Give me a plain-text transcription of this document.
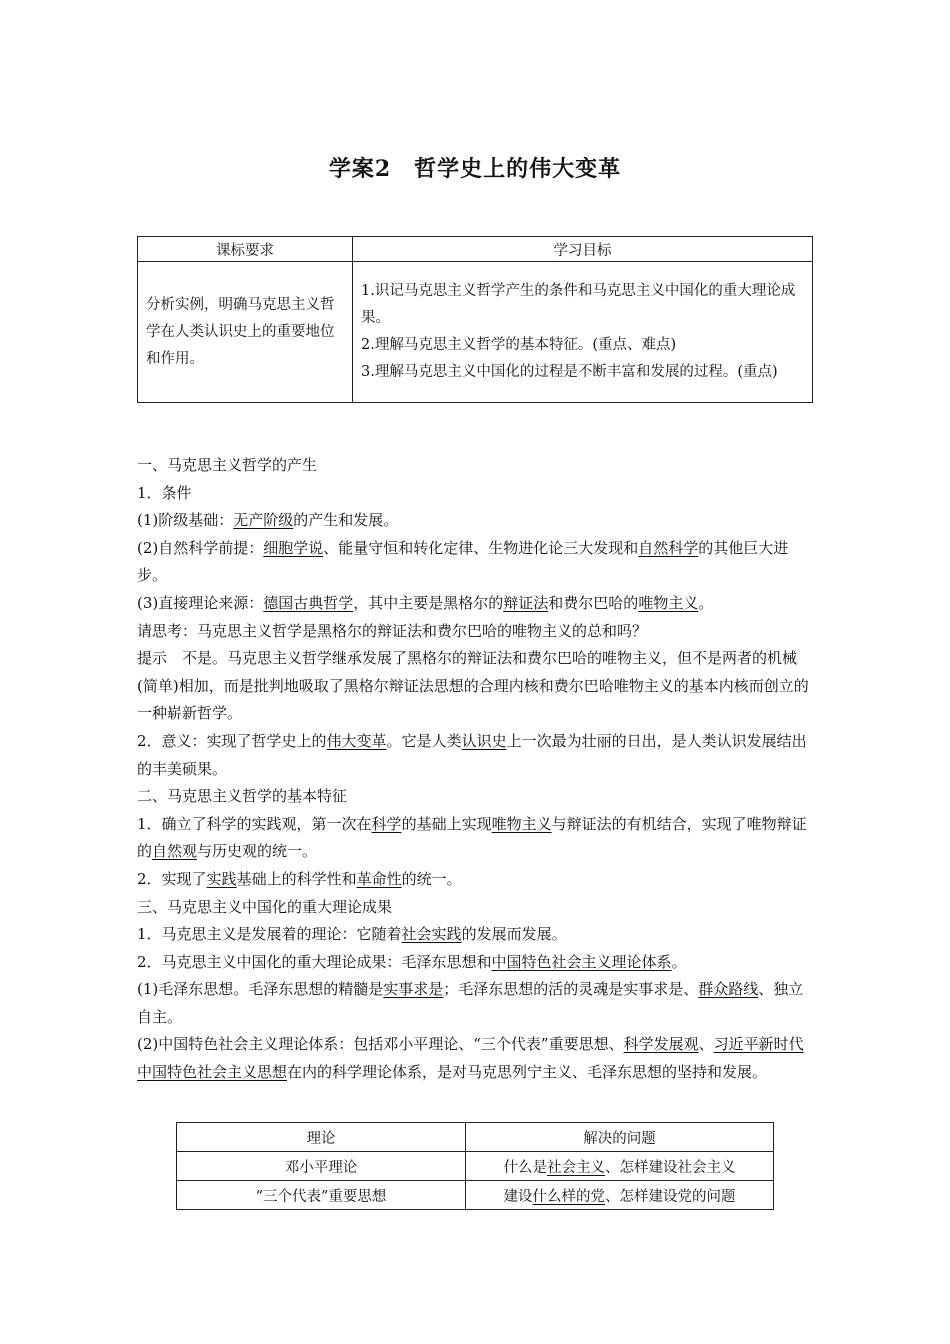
学案2　哲学史上的伟大变革
课标要求	学习目标
分析实例，明确马克思主义哲学在人类认识史上的重要地位和作用。	1.识记马克思主义哲学产生的条件和马克思主义中国化的重大理论成果。
2.理解马克思主义哲学的基本特征。(重点、难点)
3.理解马克思主义中国化的过程是不断丰富和发展的过程。(重点)

一、马克思主义哲学的产生

1．条件

(1)阶级基础：无产阶级的产生和发展。

(2)自然科学前提：细胞学说、能量守恒和转化定律、生物进化论三大发现和自然科学的其他巨大进步。

(3)直接理论来源：德国古典哲学，其中主要是黑格尔的辩证法和费尔巴哈的唯物主义。

请思考：马克思主义哲学是黑格尔的辩证法和费尔巴哈的唯物主义的总和吗？

提示　不是。马克思主义哲学继承发展了黑格尔的辩证法和费尔巴哈的唯物主义，但不是两者的机械(简单)相加，而是批判地吸取了黑格尔辩证法思想的合理内核和费尔巴哈唯物主义的基本内核而创立的一种崭新哲学。

2．意义：实现了哲学史上的伟大变革。它是人类认识史上一次最为壮丽的日出，是人类认识发展结出的丰美硕果。

二、马克思主义哲学的基本特征

1．确立了科学的实践观，第一次在科学的基础上实现唯物主义与辩证法的有机结合，实现了唯物辩证的自然观与历史观的统一。

2．实现了实践基础上的科学性和革命性的统一。

三、马克思主义中国化的重大理论成果

1．马克思主义是发展着的理论：它随着社会实践的发展而发展。

2．马克思主义中国化的重大理论成果：毛泽东思想和中国特色社会主义理论体系。

(1)毛泽东思想。毛泽东思想的精髓是实事求是；毛泽东思想的活的灵魂是实事求是、群众路线、独立自主。

(2)中国特色社会主义理论体系：包括邓小平理论、“三个代表”重要思想、科学发展观、习近平新时代中国特色社会主义思想在内的科学理论体系，是对马克思列宁主义、毛泽东思想的坚持和发展。

理论	解决的问题
邓小平理论	什么是社会主义、怎样建设社会主义
“三个代表”重要思想	建设什么样的党、怎样建设党的问题
